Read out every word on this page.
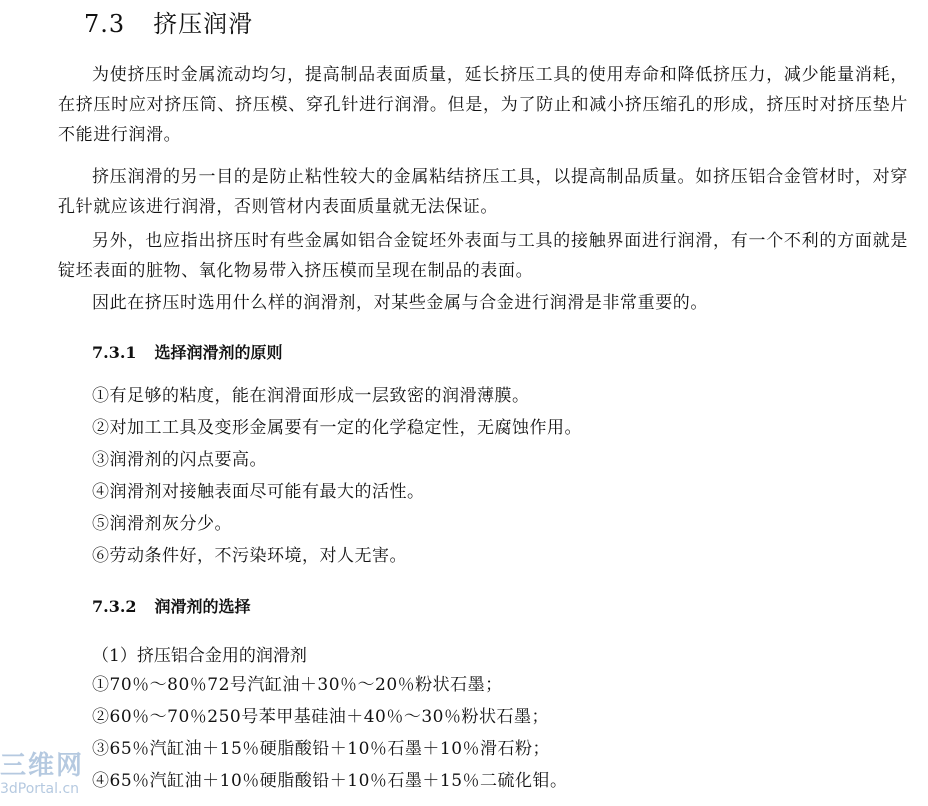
7.3 挤压润滑

为使挤压时金属流动均匀，提高制品表面质量，延长挤压工具的使用寿命和降低挤压力，减少能量消耗，在挤压时应对挤压筒、挤压模、穿孔针进行润滑。但是，为了防止和减小挤压缩孔的形成，挤压时对挤压垫片不能进行润滑。

挤压润滑的另一目的是防止粘性较大的金属粘结挤压工具，以提高制品质量。如挤压铝合金管材时，对穿孔针就应该进行润滑，否则管材内表面质量就无法保证。

另外，也应指出挤压时有些金属如铝合金锭坯外表面与工具的接触界面进行润滑，有一个不利的方面就是锭坯表面的脏物、氧化物易带入挤压模而呈现在制品的表面。

因此在挤压时选用什么样的润滑剂，对某些金属与合金进行润滑是非常重要的。

7.3.1 选择润滑剂的原则
①有足够的粘度，能在润滑面形成一层致密的润滑薄膜。
②对加工工具及变形金属要有一定的化学稳定性，无腐蚀作用。
③润滑剂的闪点要高。
④润滑剂对接触表面尽可能有最大的活性。
⑤润滑剂灰分少。
⑥劳动条件好，不污染环境，对人无害。
7.3.2 润滑剂的选择
（1）挤压铝合金用的润滑剂
①70％～80％72号汽缸油＋30％～20％粉状石墨；
②60％～70％250号苯甲基硅油＋40％～30％粉状石墨；
③65％汽缸油＋15％硬脂酸铅＋10％石墨＋10％滑石粉；
④65％汽缸油＋10％硬脂酸铅＋10％石墨＋15％二硫化钼。
三维网
3dPortal.cn
